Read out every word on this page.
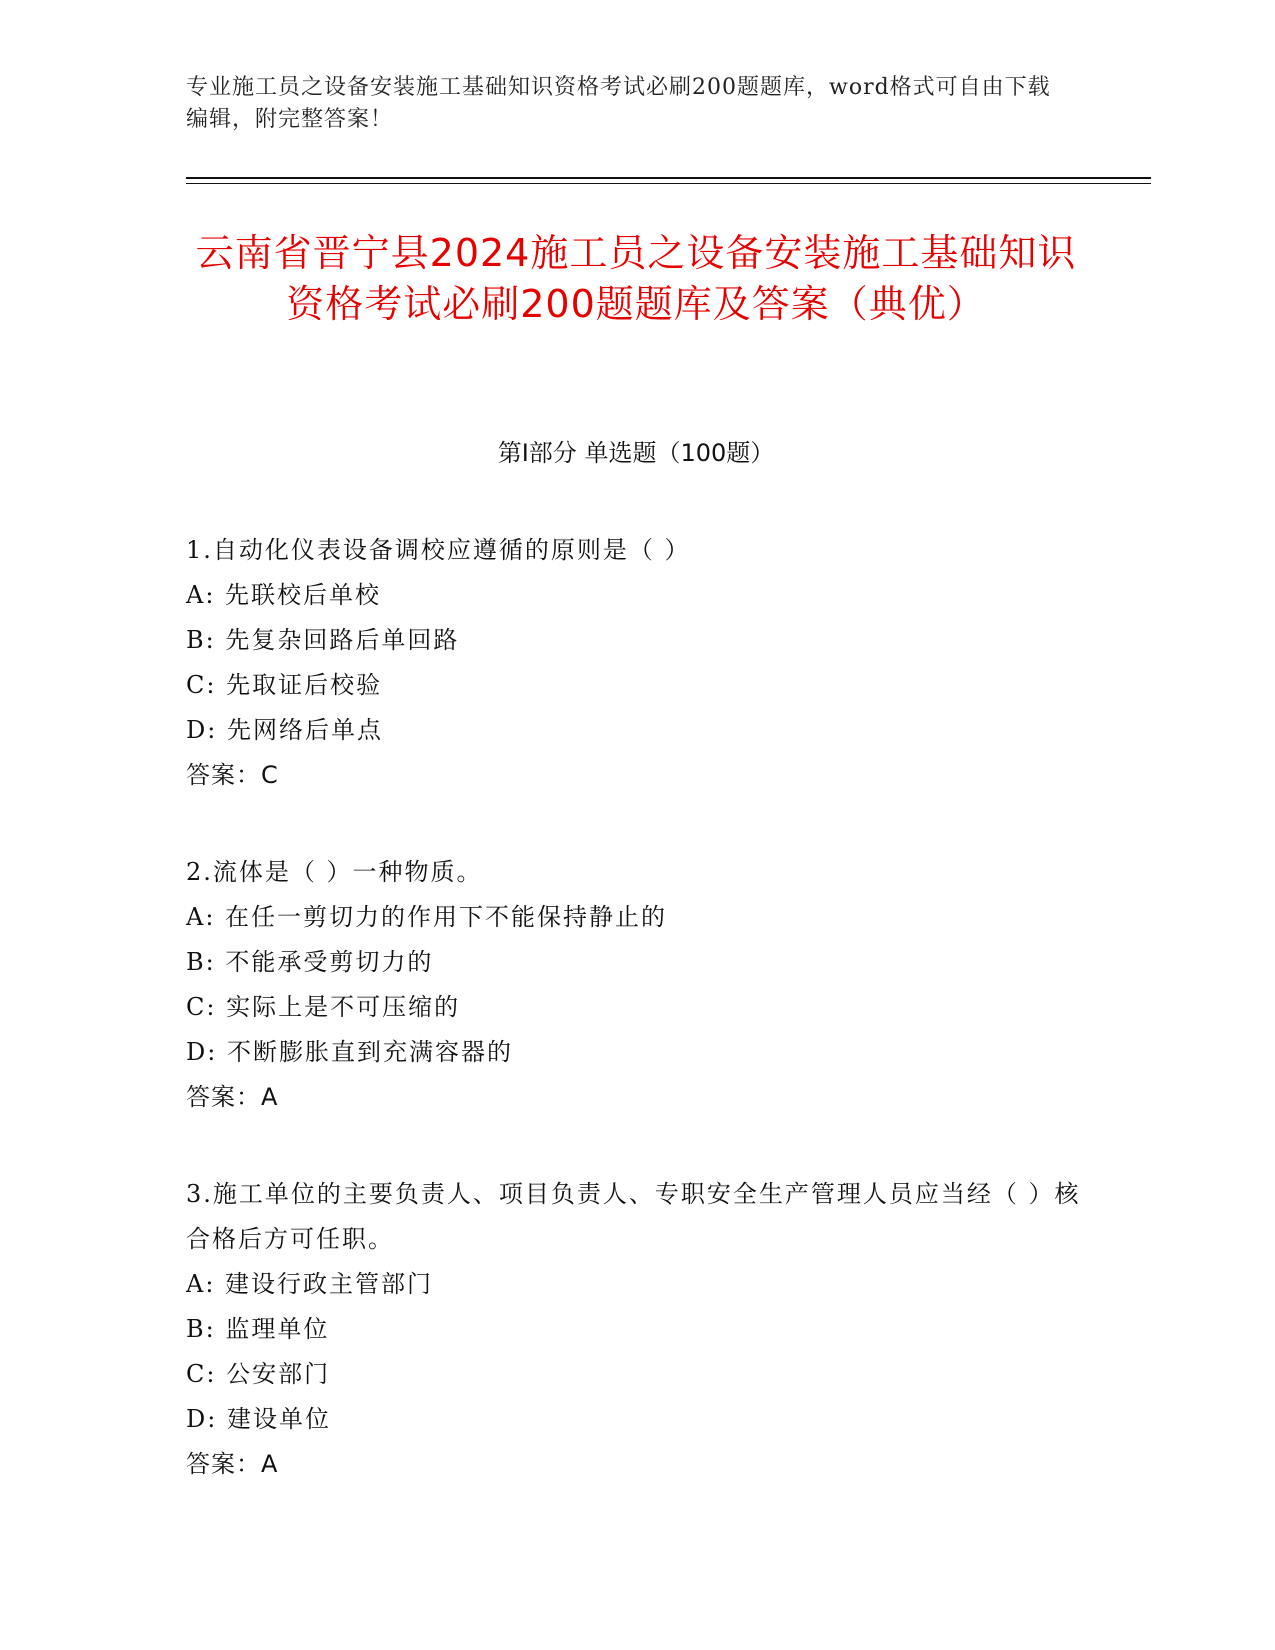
专业施工员之设备安装施工基础知识资格考试必刷200题题库，word格式可自由下载编辑，附完整答案！
云南省晋宁县2024施工员之设备安装施工基础知识资格考试必刷200题题库及答案（典优）
第Ⅰ部分 单选题（100题）
1.自动化仪表设备调校应遵循的原则是（ ）
A: 先联校后单校
B: 先复杂回路后单回路
C: 先取证后校验
D: 先网络后单点
答案：C
2.流体是（ ）一种物质。
A: 在任一剪切力的作用下不能保持静止的
B: 不能承受剪切力的
C: 实际上是不可压缩的
D: 不断膨胀直到充满容器的
答案：A
3.施工单位的主要负责人、项目负责人、专职安全生产管理人员应当经（ ）核合格后方可任职。
A: 建设行政主管部门
B: 监理单位
C: 公安部门
D: 建设单位
答案：A
